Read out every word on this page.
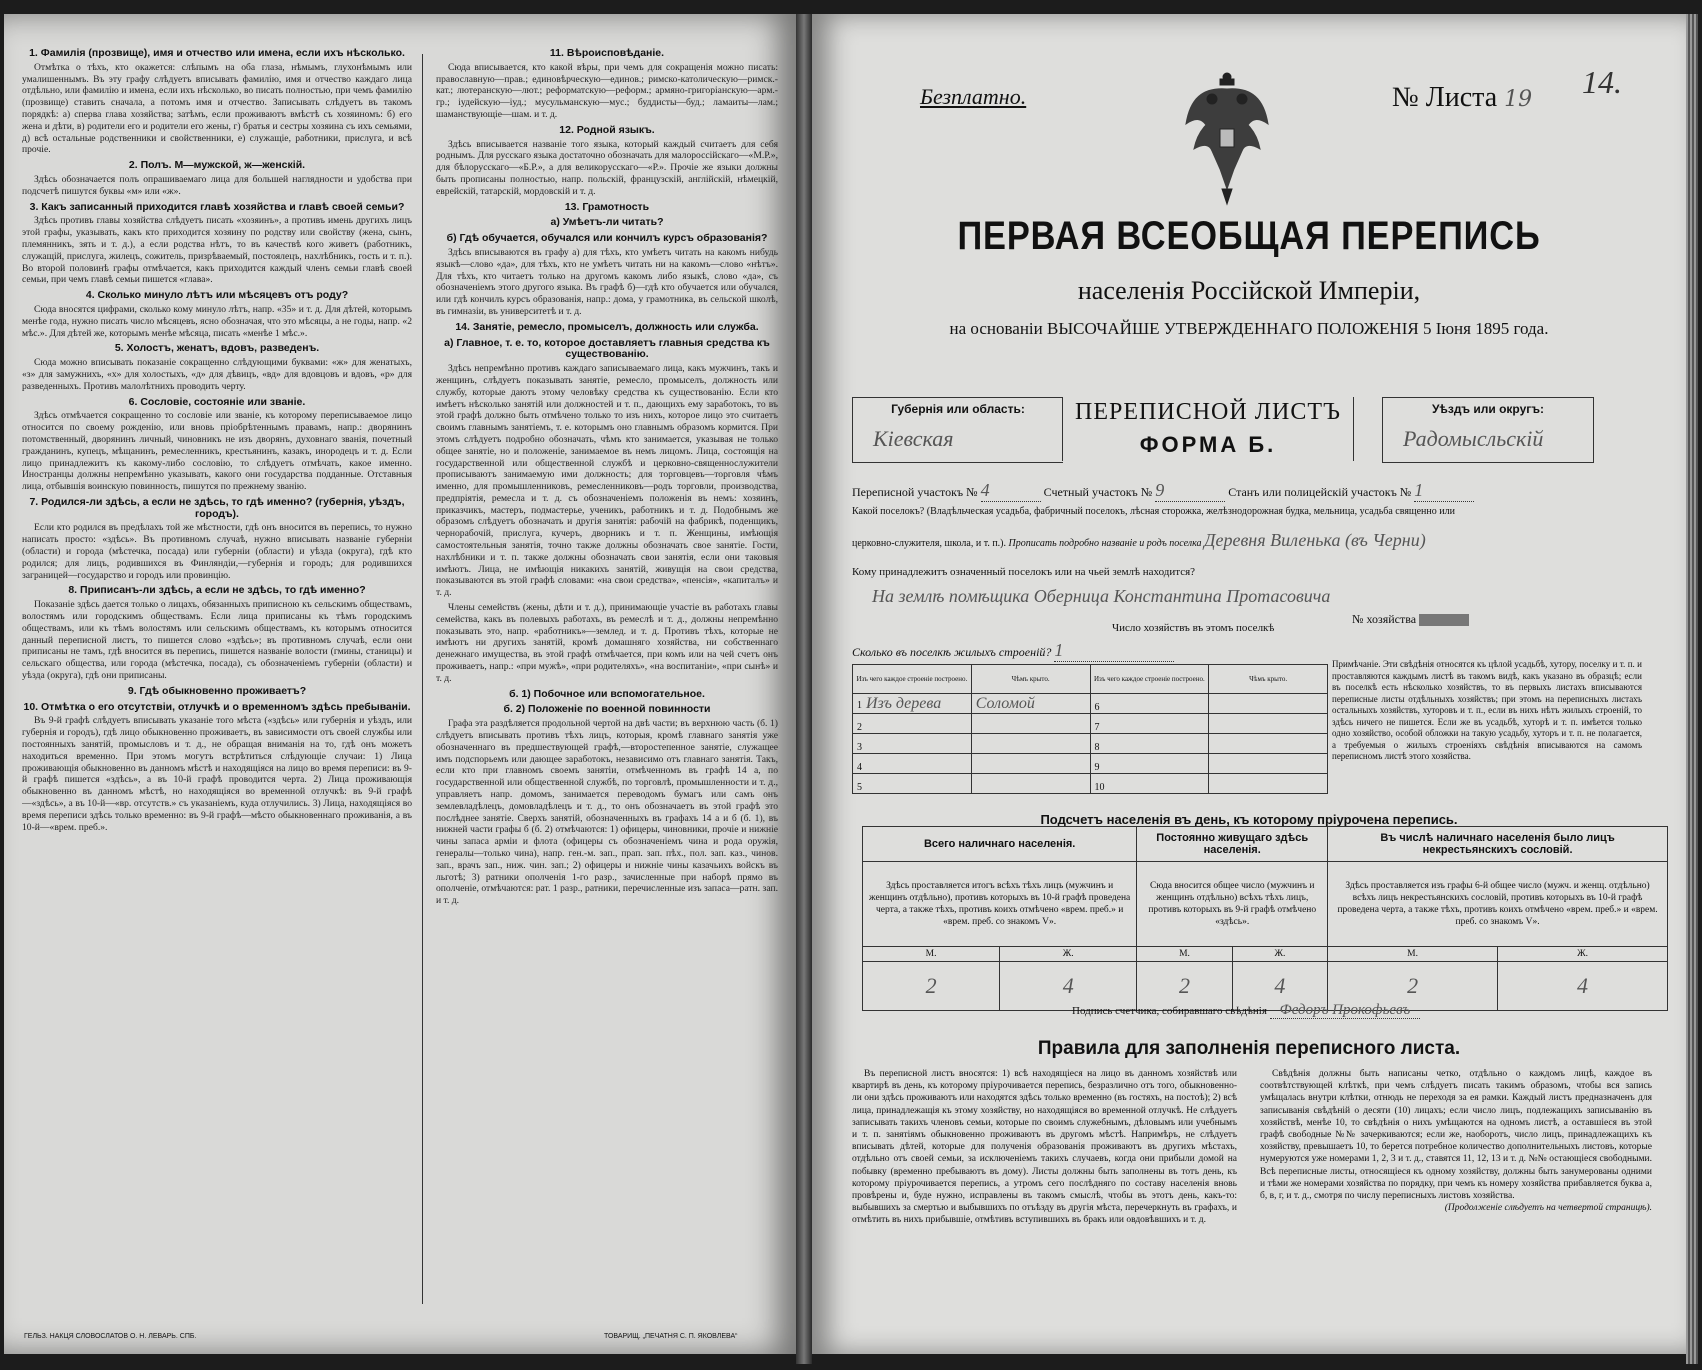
1. Фамилія (прозвище), имя и отчество или имена, если ихъ нѣсколько.

Отмѣтка о тѣхъ, кто окажется: слѣпымъ на оба глаза, нѣмымъ, глухонѣмымъ или умалишеннымъ. Въ эту графу слѣдуетъ вписывать фамилію, имя и отчество каждаго лица отдѣльно, или фамилію и имена, если ихъ нѣсколько, во писать полностью, при чемъ фамилію (прозвище) ставить сначала, а потомъ имя и отчество. Записывать слѣдуетъ въ такомъ порядкѣ: а) сперва глава хозяйства; затѣмъ, если проживаютъ вмѣстѣ съ хозяиномъ: б) его жена и дѣти, в) родители его и родители его жены, г) братья и сестры хозяина съ ихъ семьями, д) всѣ остальные родственники и свойственники, е) служащіе, работники, прислуга, и всѣ прочіе.

2. Полъ. М—мужской, ж—женскій.

Здѣсь обозначается полъ опрашиваемаго лица для большей наглядности и удобства при подсчетѣ пишутся буквы «м» или «ж».

3. Какъ записанный приходится главѣ хозяйства и главѣ своей семьи?

Здѣсь противъ главы хозяйства слѣдуетъ писать «хозяинъ», а противъ имень другихъ лицъ этой графы, указывать, какъ кто приходится хозяину по родству или свойству (жена, сынъ, племянникъ, зять и т. д.), а если родства нѣтъ, то въ качествѣ кого живетъ (работникъ, служащій, прислуга, жилецъ, сожитель, призрѣваемый, постоялецъ, нахлѣбникъ, гость и т. п.). Во второй половинѣ графы отмѣчается, какъ приходится каждый членъ семьи главѣ своей семьи, при чемъ главѣ семьи пишется «глава».

4. Сколько минуло лѣтъ или мѣсяцевъ отъ роду?

Сюда вносятся цифрами, сколько кому минуло лѣтъ, напр. «35» и т. д. Для дѣтей, которымъ менѣе года, нужно писать число мѣсяцевъ, ясно обозначая, что это мѣсяцы, а не годы, напр. «2 мѣс.». Для дѣтей же, которымъ менѣе мѣсяца, писать «менѣе 1 мѣс.».

5. Холостъ, женатъ, вдовъ, разведенъ.

Сюда можно вписывать показаніе сокращенно слѣдующими буквами: «ж» для женатыхъ, «з» для замужнихъ, «х» для холостыхъ, «д» для дѣвицъ, «вд» для вдовцовъ и вдовъ, «р» для разведенныхъ. Противъ малолѣтнихъ проводить черту.

6. Сословіе, состояніе или званіе.

Здѣсь отмѣчается сокращенно то сословіе или званіе, къ которому переписываемое лицо относится по своему рожденію, или вновь пріобрѣтеннымъ правамъ, напр.: дворянинъ потомственный, дворянинъ личный, чиновникъ не изъ дворянъ, духовнаго званія, почетный гражданинъ, купецъ, мѣщанинъ, ремесленникъ, крестьянинъ, казакъ, инородецъ и т. д. Если лицо принадлежитъ къ какому-либо сословію, то слѣдуетъ отмѣчать, какое именно. Иностранцы должны непремѣнно указывать, какого они государства подданные. Отставныя лица, отбывшія воинскую повинность, пишутся по прежнему званію.

7. Родился-ли здѣсь, а если не здѣсь, то гдѣ именно? (губернія, уѣздъ, городъ).

Если кто родился въ предѣлахъ той же мѣстности, гдѣ онъ вносится въ перепись, то нужно написать просто: «здѣсь». Въ противномъ случаѣ, нужно вписывать названіе губерніи (области) и города (мѣстечка, посада) или губерніи (области) и уѣзда (округа), гдѣ кто родился; для лицъ, родившихся въ Финляндіи,—губернія и городъ; для родившихся заграницей—государство и городъ или провинцію.

8. Приписанъ-ли здѣсь, а если не здѣсь, то гдѣ именно?

Показаніе здѣсь дается только о лицахъ, обязанныхъ приписною къ сельскимъ обществамъ, волостямъ или городскимъ обществамъ. Если лица приписаны къ тѣмъ городскимъ обществамъ, или къ тѣмъ волостямъ или сельскимъ обществамъ, къ которымъ относится данный переписной листъ, то пишется слово «здѣсь»; въ противномъ случаѣ, если они приписаны не тамъ, гдѣ вносится въ перепись, пишется названіе волости (гмины, станицы) и сельскаго общества, или города (мѣстечка, посада), съ обозначеніемъ губерніи (области) и уѣзда (округа), гдѣ они приписаны.

9. Гдѣ обыкновенно проживаетъ?
10. Отмѣтка о его отсутствіи, отлучкѣ и о временномъ здѣсь пребываніи.

Въ 9-й графѣ слѣдуетъ вписывать указаніе того мѣста («здѣсь» или губернія и уѣздъ, или губернія и городъ), гдѣ лицо обыкновенно проживаетъ, въ зависимости отъ своей службы или постоянныхъ занятій, промысловъ и т. д., не обращая вниманія на то, гдѣ онъ можетъ находиться временно. При этомъ могутъ встрѣтиться слѣдующіе случаи: 1) Лица проживающія обыкновенно въ данномъ мѣстѣ и находящіяся на лицо во время переписи: въ 9-й графѣ пишется «здѣсь», а въ 10-й графѣ проводится черта. 2) Лица проживающія обыкновенно въ данномъ мѣстѣ, но находящіяся во временной отлучкѣ: въ 9-й графѣ—«здѣсь», а въ 10-й—«вр. отсутств.» съ указаніемъ, куда отлучились. 3) Лица, находящіяся во время переписи здѣсь только временно: въ 9-й графѣ—мѣсто обыкновеннаго проживанія, а въ 10-й—«врем. преб.».

11. Вѣроисповѣданіе.

Сюда вписывается, кто какой вѣры, при чемъ для сокращенія можно писать: православную—прав.; единовѣрческую—единов.; римско-католическую—римск.-кат.; лютеранскую—лют.; реформатскую—реформ.; армяно-григоріанскую—арм.-гр.; іудейскую—іуд.; мусульманскую—мус.; буддисты—буд.; ламаиты—лам.; шаманствующіе—шам. и т. д.

12. Родной языкъ.

Здѣсь вписывается названіе того языка, который каждый считаетъ для себя роднымъ. Для русскаго языка достаточно обозначать для малороссійскаго—«М.Р.», для бѣлорусскаго—«Б.Р.», а для великорусскаго—«Р.». Прочіе же языки должны быть прописаны полностью, напр. польскій, французскій, англійскій, нѣмецкій, еврейскій, татарскій, мордовскій и т. д.

13. Грамотность
а) Умѣетъ-ли читать?
б) Гдѣ обучается, обучался или кончилъ курсъ образованія?

Здѣсь вписываются въ графу а) для тѣхъ, кто умѣетъ читать на какомъ нибудь языкѣ—слово «да», для тѣхъ, кто не умѣетъ читать ни на какомъ—слово «нѣтъ». Для тѣхъ, кто читаетъ только на другомъ какомъ либо языкѣ, слово «да», съ обозначеніемъ этого другого языка. Въ графѣ б)—гдѣ кто обучается или обучался, или гдѣ кончилъ курсъ образованія, напр.: дома, у грамотника, въ сельской школѣ, въ гимназіи, въ университетѣ и т. д.

14. Занятіе, ремесло, промыселъ, должность или служба.
а) Главное, т. е. то, которое доставляетъ главныя средства къ существованію.

Здѣсь непремѣнно противъ каждаго записываемаго лица, какъ мужчинъ, такъ и женщинъ, слѣдуетъ показывать занятіе, ремесло, промыселъ, должность или службу, которые даютъ этому человѣку средства къ существованію. Если кто имѣетъ нѣсколько занятій или должностей и т. п., дающихъ ему заработокъ, то въ этой графѣ должно быть отмѣчено только то изъ нихъ, которое лицо это считаетъ своимъ главнымъ занятіемъ, т. е. которымъ оно главнымъ образомъ кормится. При этомъ слѣдуетъ подробно обозначать, чѣмъ кто занимается, указывая не только общее занятіе, но и положеніе, занимаемое въ немъ лицомъ. Лица, состоящія на государственной или общественной службѣ и церковно-священнослужители прописываютъ занимаемую ими должность; для торговцевъ—торговля чѣмъ именно, для промышленниковъ, ремесленниковъ—родъ торговли, производства, предпріятія, ремесла и т. д. съ обозначеніемъ положенія въ немъ: хозяинъ, приказчикъ, мастеръ, подмастерье, ученикъ, работникъ и т. д. Подобнымъ же образомъ слѣдуетъ обозначать и другія занятія: рабочій на фабрикѣ, поденщикъ, чернорабочій, прислуга, кучеръ, дворникъ и т. п. Женщины, имѣющія самостоятельныя занятія, точно также должны обозначать свое занятіе. Гости, нахлѣбники и т. п. также должны обозначать свои занятія, если они таковыя имѣютъ. Лица, не имѣющія никакихъ занятій, живущія на свои средства, показываются въ этой графѣ словами: «на свои средства», «пенсія», «капиталъ» и т. д.

Члены семействъ (жены, дѣти и т. д.), принимающіе участіе въ работахъ главы семейства, какъ въ полевыхъ работахъ, въ ремеслѣ и т. д., должны непремѣнно показывать это, напр. «работникъ»—землед. и т. д. Противъ тѣхъ, которые не имѣютъ ни другихъ занятій, кромѣ домашняго хозяйства, ни собственнаго денежнаго имущества, въ этой графѣ отмѣчается, при комъ или на чей счетъ онъ проживаетъ, напр.: «при мужѣ», «при родителяхъ», «на воспитаніи», «при сынѣ» и т. д.

б. 1) Побочное или вспомогательное.
б. 2) Положеніе по военной повинности

Графа эта раздѣляется продольной чертой на двѣ части; въ верхнюю часть (б. 1) слѣдуетъ вписывать противъ тѣхъ лицъ, которыя, кромѣ главнаго занятія уже обозначеннаго въ предшествующей графѣ,—второстепенное занятіе, служащее имъ подспорьемъ или дающее заработокъ, независимо отъ главнаго занятія. Такъ, если кто при главномъ своемъ занятіи, отмѣченномъ въ графѣ 14 а, по государственной или общественной службѣ, по торговлѣ, промышленности и т. д., управляетъ напр. домомъ, занимается переводомъ бумагъ или самъ онъ землевладѣлецъ, домовладѣлецъ и т. д., то онъ обозначаетъ въ этой графѣ это послѣднее занятіе. Сверхъ занятій, обозначенныхъ въ графахъ 14 а и б (б. 1), въ нижней части графы б (б. 2) отмѣчаются: 1) офицеры, чиновники, прочіе и нижніе чины запаса арміи и флота (офицеры съ обозначеніемъ чина и рода оружія, генералы—только чина), напр. ген.-м. зап., прап. зап. пѣх., пол. зап. каз., чинов. зап., врачъ зап., ниж. чин. зап.; 2) офицеры и нижніе чины казачьихъ войскъ въ льготѣ; 3) ратники ополченія 1-го разр., зачисленные при наборѣ прямо въ ополченіе, отмѣчаются: рат. 1 разр., ратники, перечисленные изъ запаса—ратн. зап. и т. д.

ГЕЛЬЗ. НАКЦЯ СЛОВОСЛАТОВ О. Н. ЛЕВАРЬ. СПБ.	ТОВАРИЩ. „ПЕЧАТНЯ С. П. ЯКОВЛЕВА“
Безплатно.	№ Листа 19 14.
ПЕРВАЯ ВСЕОБЩАЯ ПЕРЕПИСЬ
населенія Россійской Имперіи,
на основаніи ВЫСОЧАЙШЕ УТВЕРЖДЕННАГО ПОЛОЖЕНІЯ 5 Іюня 1895 года.
Губернія или область:
Кіевская
ПЕРЕПИСНОЙ ЛИСТЪ
ФОРМА Б.
Уѣздъ или округъ:
Радомысльскій
Переписной участокъ № 4	Счетный участокъ № 9	Станъ или полицейскій участокъ № 1
Какой поселокъ? (Владѣльческая усадьба, фабричный поселокъ, лѣсная сторожка, желѣзнодорожная будка, мельница, усадьба священно или
церковно-служителя, школа, и т. п.). Прописать подробно названіе и родъ поселка Деревня Виленька (въ Черни)
Кому принадлежитъ означенный поселокъ или на чьей землѣ находится?
На землѣ помѣщика Оберница Константина Протасовича
№ хозяйства
Число хозяйствъ въ этомъ поселкѣ
Сколько въ поселкѣ жилыхъ строеній? 1
Изъ чего каждое строеніе построено.	Чѣмъ крыто.	Изъ чего каждое строеніе построено.	Чѣмъ крыто.
1 Изъ дерева	Соломой	6	
2		7	
3		8	
4		9	
5		10	
Примѣчаніе. Эти свѣдѣнія относятся къ цѣлой усадьбѣ, хутору, поселку и т. п. и проставляются каждымъ листѣ въ такомъ видѣ, какъ указано въ образцѣ; если въ поселкѣ есть нѣсколько хозяйствъ, то въ первыхъ листахъ вписываются переписные листы отдѣльныхъ хозяйствъ; при этомъ на переписныхъ листахъ остальныхъ хозяйствъ, хуторовъ и т. п., если въ нихъ нѣтъ жилыхъ строеній, то здѣсь ничего не пишется. Если же въ усадьбѣ, хуторѣ и т. п. имѣется только одно хозяйство, особой обложки на такую усадьбу, хуторъ и т. п. не полагается, а требуемыя о жилыхъ строеніяхъ свѣдѣнія вписываются на самомъ переписномъ листѣ этого хозяйства.
Подсчетъ населенія въ день, къ которому пріурочена перепись.
Всего наличнаго населенія.		Постоянно живущаго здѣсь населенія.		Въ числѣ наличнаго населенія было лицъ некрестьянскихъ сословій.	
Здѣсь проставляется итогъ всѣхъ тѣхъ лицъ (мужчинъ и женщинъ отдѣльно), противъ которыхъ въ 10-й графѣ проведена черта, а также тѣхъ, противъ коихъ отмѣчено «врем. преб.» и «врем. преб. со знакомъ V».		Сюда вносится общее число (мужчинъ и женщинъ отдѣльно) всѣхъ тѣхъ лицъ, противъ которыхъ въ 9-й графѣ отмѣчено «здѣсь».		Здѣсь проставляется изъ графы 6-й общее число (мужч. и женщ. отдѣльно) всѣхъ лицъ некрестьянскихъ сословій, противъ которыхъ въ 10-й графѣ проведена черта, а также тѣхъ, противъ коихъ отмѣчено «врем. преб.» и «врем. преб. со знакомъ V».	
М.	Ж.	М.	Ж.	М.	Ж.
2	4	2	4	2	4
Подпись счетчика, собиравшаго свѣдѣнія Федоръ Прокофьевъ
Правила для заполненія переписного листа.

Въ переписной листъ вносятся: 1) всѣ находящіеся на лицо въ данномъ хозяйствѣ или квартирѣ въ день, къ которому пріурочивается перепись, безразлично отъ того, обыкновенно-ли они здѣсь проживаютъ или находятся здѣсь только временно (въ гостяхъ, на постоѣ); 2) всѣ лица, принадлежащія къ этому хозяйству, но находящіяся во временной отлучкѣ. Не слѣдуетъ записывать такихъ членовъ семьи, которые по своимъ служебнымъ, дѣловымъ или учебнымъ и т. п. занятіямъ обыкновенно проживаютъ въ другомъ мѣстѣ. Напримѣръ, не слѣдуетъ вписывать дѣтей, которые для полученія образованія проживаютъ въ другихъ мѣстахъ, отдѣльно отъ своей семьи, за исключеніемъ такихъ случаевъ, когда они прибыли домой на побывку (временно пребываютъ въ дому). Листы должны быть заполнены въ тотъ день, къ которому пріурочивается перепись, а утромъ сего послѣдняго по составу населенія вновь провѣрены и, буде нужно, исправлены въ такомъ смыслѣ, чтобы въ этотъ день, какъ-то: выбывшихъ за смертью и выбывшихъ по отъѣзду въ другія мѣста, перечеркнуть въ графахъ, и отмѣтить въ нихъ прибывшіе, отмѣтивъ вступившихъ въ бракъ или овдовѣвшихъ и т. д.

Свѣдѣнія должны быть написаны четко, отдѣльно о каждомъ лицѣ, каждое въ соотвѣтствующей клѣткѣ, при чемъ слѣдуетъ писать такимъ образомъ, чтобы вся запись умѣщалась внутри клѣтки, отнюдь не переходя за ея рамки. Каждый листъ предназначенъ для записыванія свѣдѣній о десяти (10) лицахъ; если число лицъ, подлежащихъ записыванію въ хозяйствѣ, менѣе 10, то свѣдѣнія о нихъ умѣщаются на одномъ листѣ, а оставшіеся въ этой графѣ свободные №№ зачеркиваются; если же, наоборотъ, число лицъ, принадлежащихъ къ хозяйству, превышаетъ 10, то берется потребное количество дополнительныхъ листовъ, которые нумеруются уже номерами 1, 2, 3 и т. д., ставятся 11, 12, 13 и т. д. №№ остающіеся свободными. Всѣ переписные листы, относящіеся къ одному хозяйству, должны быть занумерованы одними и тѣми же номерами хозяйства по порядку, при чемъ къ номеру хозяйства прибавляется буква а, б, в, г, и т. д., смотря по числу переписныхъ листовъ хозяйства.

(Продолженіе слѣдуетъ на четвертой страницѣ).
